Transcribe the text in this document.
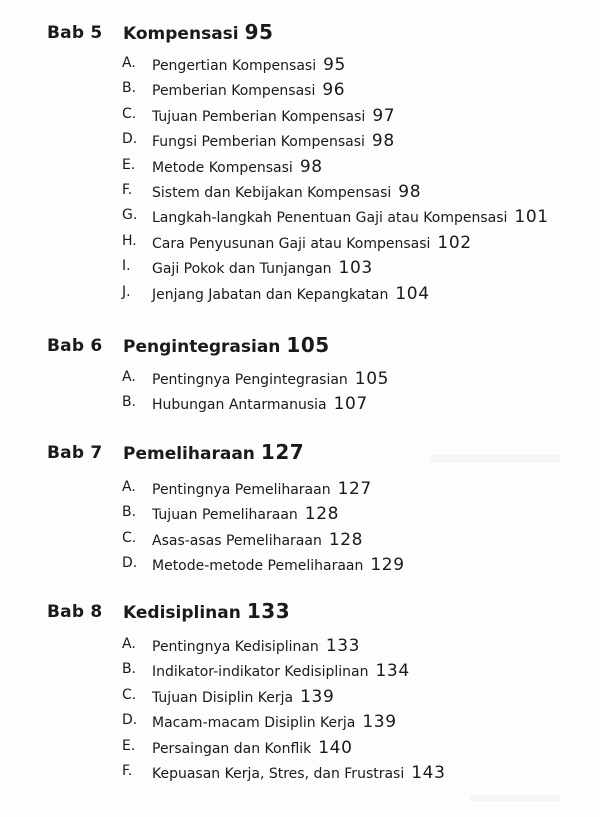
Bab 5 Kompensasi 95
A. Pengertian Kompensasi 95
B. Pemberian Kompensasi 96
C. Tujuan Pemberian Kompensasi 97
D. Fungsi Pemberian Kompensasi 98
E. Metode Kompensasi 98
F. Sistem dan Kebijakan Kompensasi 98
G. Langkah-langkah Penentuan Gaji atau Kompensasi 101
H. Cara Penyusunan Gaji atau Kompensasi 102
I. Gaji Pokok dan Tunjangan 103
J. Jenjang Jabatan dan Kepangkatan 104
Bab 6 Pengintegrasian 105
A. Pentingnya Pengintegrasian 105
B. Hubungan Antarmanusia 107
Bab 7 Pemeliharaan 127
A. Pentingnya Pemeliharaan 127
B. Tujuan Pemeliharaan 128
C. Asas-asas Pemeliharaan 128
D. Metode-metode Pemeliharaan 129
Bab 8 Kedisiplinan 133
A. Pentingnya Kedisiplinan 133
B. Indikator-indikator Kedisiplinan 134
C. Tujuan Disiplin Kerja 139
D. Macam-macam Disiplin Kerja 139
E. Persaingan dan Konflik 140
F. Kepuasan Kerja, Stres, dan Frustrasi 143
